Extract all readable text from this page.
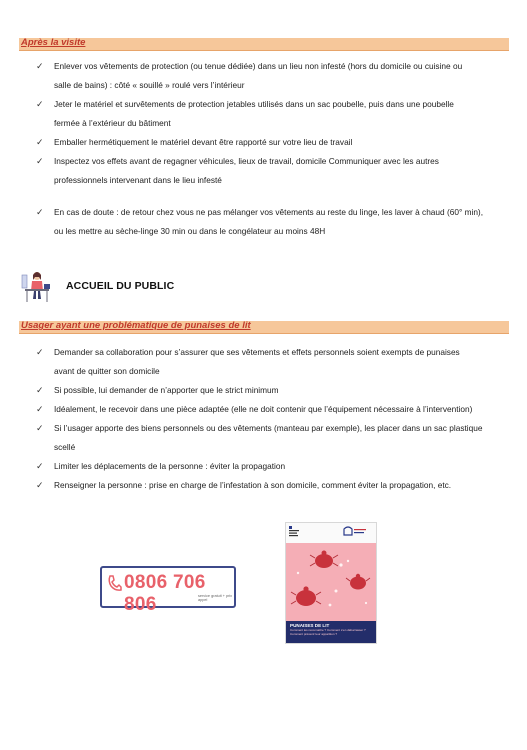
Après la visite
✓ Enlever vos vêtements de protection (ou tenue dédiée) dans un lieu non infesté (hors du domicile ou cuisine ou
salle de bains) : côté « souillé » roulé vers l’intérieur
✓ Jeter le matériel et survêtements de protection jetables utilisés dans un sac poubelle, puis dans une poubelle
fermée à l’extérieur du bâtiment
✓ Emballer hermétiquement le matériel devant être rapporté sur votre lieu de travail
✓ Inspectez vos effets avant de regagner véhicules, lieux de travail, domicile Communiquer avec les autres
professionnels intervenant dans le lieu infesté
✓ En cas de doute : de retour chez vous ne pas mélanger vos vêtements au reste du linge, les laver à chaud (60° min),
ou les mettre au sèche-linge 30 min ou dans le congélateur au moins 48H
ACCUEIL DU PUBLIC
Usager ayant une problématique de punaises de lit
✓ Demander sa collaboration pour s’assurer que ses vêtements et effets personnels soient exempts de punaises
avant de quitter son domicile
✓ Si possible, lui demander de n’apporter que le strict minimum
✓ Idéalement, le recevoir dans une pièce adaptée (elle ne doit contenir que l’équipement nécessaire à l’intervention)
✓ Si l’usager apporte des biens personnels ou des vêtements (manteau par exemple), les placer dans un sac plastique
scellé
✓ Limiter les déplacements de la personne : éviter la propagation
✓ Renseigner la personne : prise en charge de l’infestation à son domicile, comment éviter la propagation, etc.
0806 706 806	service gratuit + prix appel
PUNAISES DE LIT
Comment les reconnaître ? Comment s’en débarrasser ? Comment prévenir leur apparition ?
